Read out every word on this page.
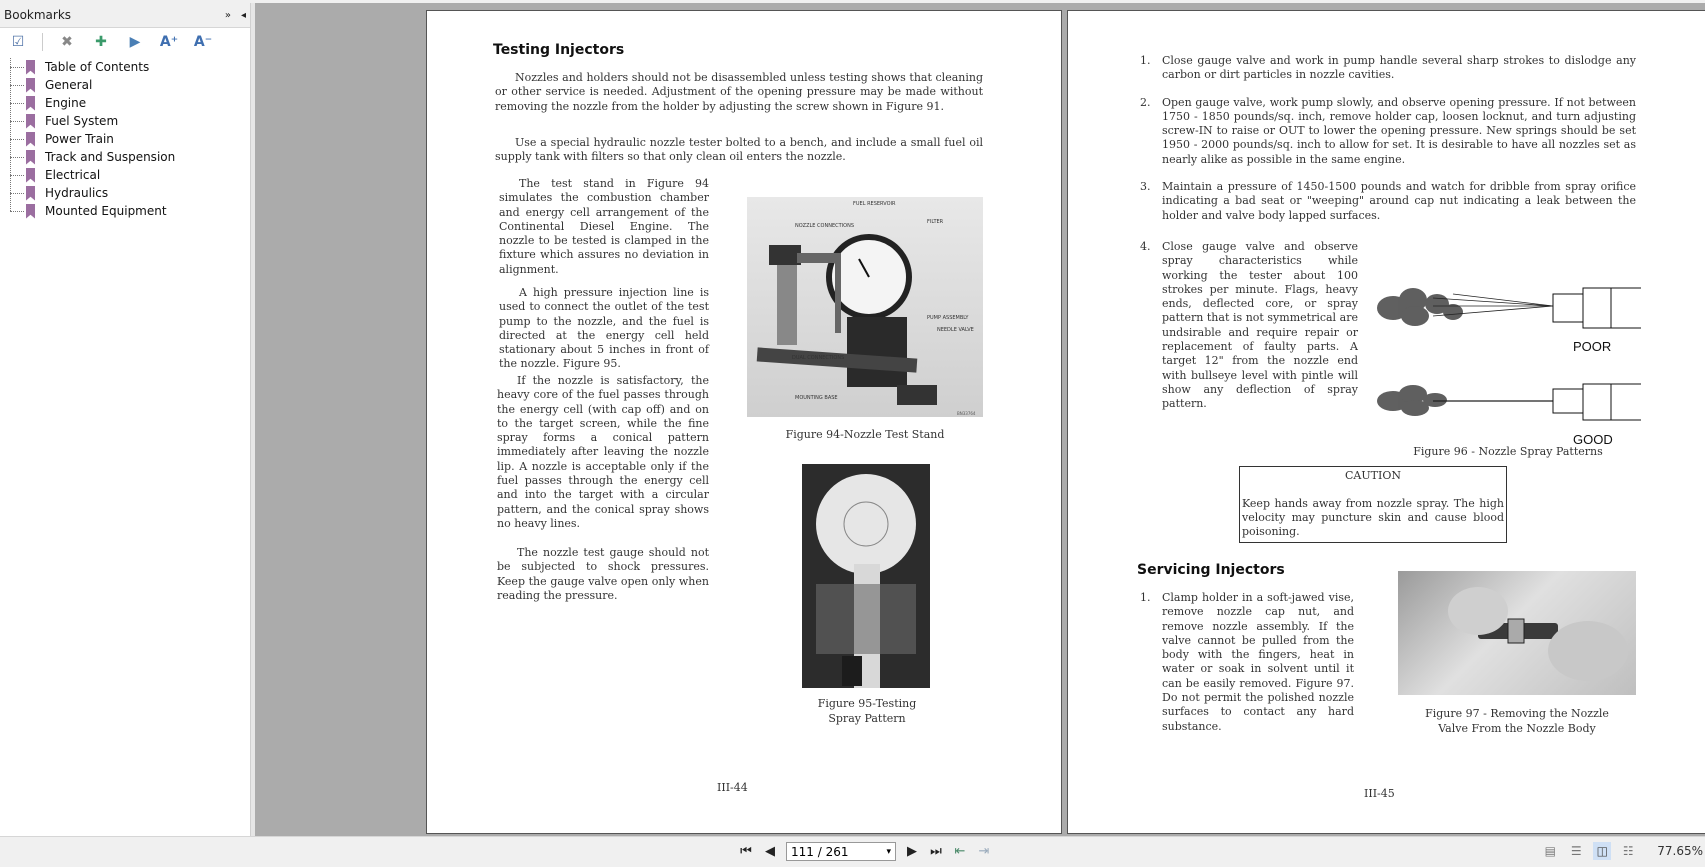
Bookmarks	» ◂
☑	✖ ✚	▶	A⁺ A⁻
Table of Contents
General
Engine
Fuel System
Power Train
Track and Suspension
Electrical
Hydraulics
Mounted Equipment
Testing Injectors
Nozzles and holders should not be disassembled unless testing shows that cleaning or other service is needed. Adjustment of the opening pressure may be made without removing the nozzle from the holder by adjusting the screw shown in Figure 91.
Use a special hydraulic nozzle tester bolted to a bench, and include a small fuel oil supply tank with filters so that only clean oil enters the nozzle.
The test stand in Figure 94 simulates the combustion chamber and energy cell arrangement of the Continental Diesel Engine. The nozzle to be tested is clamped in the fixture which assures no deviation in alignment.
A high pressure injection line is used to connect the outlet of the test pump to the nozzle, and the fuel is directed at the energy cell held stationary about 5 inches in front of the nozzle. Figure 95.
If the nozzle is satisfactory, the heavy core of the fuel passes through the energy cell (with cap off) and on to the target screen, while the fine spray forms a conical pattern immediately after leaving the nozzle lip. A nozzle is acceptable only if the fuel passes through the energy cell and into the target with a circular pattern, and the conical spray shows no heavy lines.
The nozzle test gauge should not be subjected to shock pressures. Keep the gauge valve open only when reading the pressure.
FUEL RESERVOIR
FILTER
NOZZLE CONNECTIONS
PUMP ASSEMBLY
NEEDLE VALVE
DUAL CONNECTIONS
MOUNTING BASE
BN33764
Figure 94-Nozzle Test Stand
Figure 95-Testing
Spray Pattern
III-44
1.	Close gauge valve and work in pump handle several sharp strokes to dislodge any carbon or dirt particles in nozzle cavities.
2.	Open gauge valve, work pump slowly, and observe opening pressure. If not between 1750 - 1850 pounds/sq. inch, remove holder cap, loosen locknut, and turn adjusting screw-IN to raise or OUT to lower the opening pressure. New springs should be set 1950 - 2000 pounds/sq. inch to allow for set. It is desirable to have all nozzles set as nearly alike as possible in the same engine.
3.	Maintain a pressure of 1450-1500 pounds and watch for dribble from spray orifice indicating a bad seat or "weeping" around cap nut indicating a leak between the holder and valve body lapped surfaces.
4.	Close gauge valve and observe spray characteristics while working the tester about 100 strokes per minute. Flags, heavy ends, deflected core, or spray pattern that is not symmetrical are undsirable and require repair or replacement of faulty parts. A target 12" from the nozzle end with bullseye level with pintle will show any deflection of spray pattern.
POOR
GOOD
Figure 96 - Nozzle Spray Patterns
CAUTION
Keep hands away from nozzle spray. The high velocity may puncture skin and cause blood poisoning.
Servicing Injectors
1.	Clamp holder in a soft-jawed vise, remove nozzle cap nut, and remove nozzle assembly. If the valve cannot be pulled from the body with the fingers, heat in water or soak in solvent until it can be easily removed. Figure 97. Do not permit the polished nozzle surfaces to contact any hard substance.
Figure 97 - Removing the Nozzle
Valve From the Nozzle Body
III-45
⏮ ◀ 111 / 261	▾ ▶ ⏭ ⇤ ⇥	▤	☰	◫	☷	77.65%
